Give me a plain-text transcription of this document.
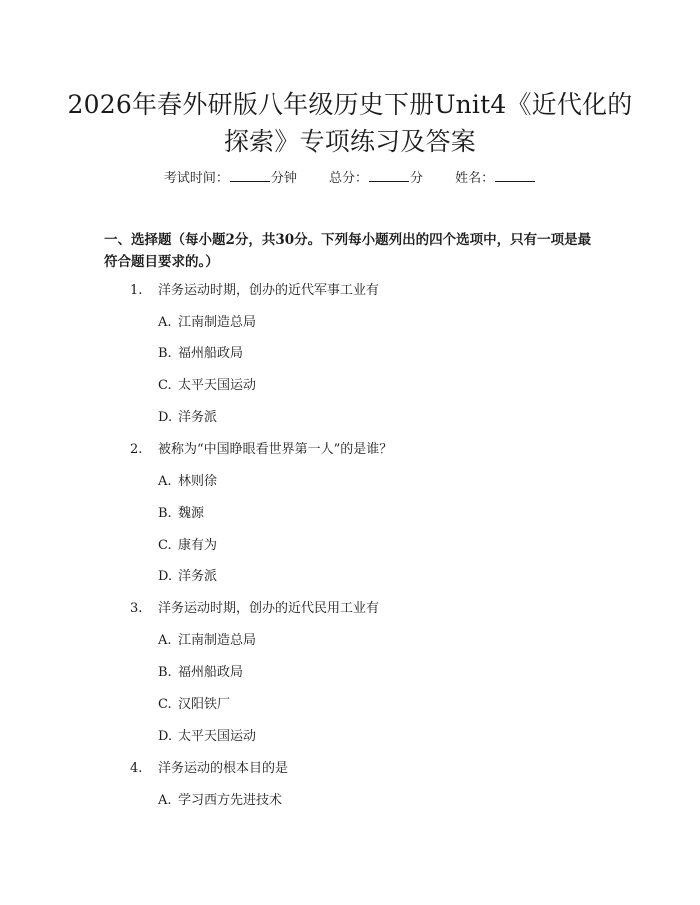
2026年春外研版八年级历史下册Unit4《近代化的探索》专项练习及答案
考试时间：	分钟 总分：	分 姓名：

一、选择题（每小题2分，共30分。下列每小题列出的四个选项中，只有一项是最符合题目要求的。）

1. 洋务运动时期，创办的近代军事工业有
A. 江南制造总局
B. 福州船政局
C. 太平天国运动
D. 洋务派
2. 被称为“中国睁眼看世界第一人”的是谁？
A. 林则徐
B. 魏源
C. 康有为
D. 洋务派
3. 洋务运动时期，创办的近代民用工业有
A. 江南制造总局
B. 福州船政局
C. 汉阳铁厂
D. 太平天国运动
4. 洋务运动的根本目的是
A. 学习西方先进技术
